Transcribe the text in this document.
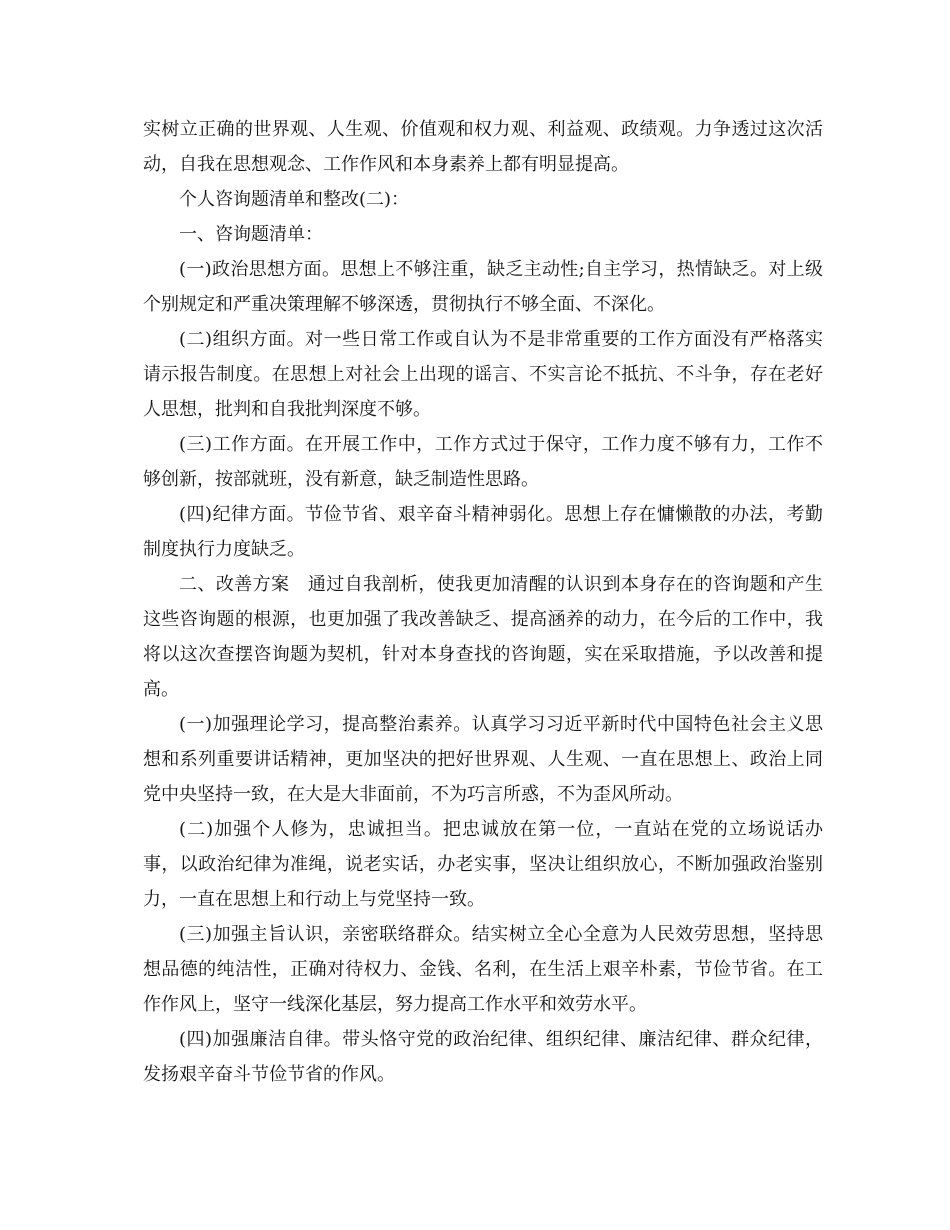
实树立正确的世界观、人生观、价值观和权力观、利益观、政绩观。力争透过这次活动，自我在思想观念、工作作风和本身素养上都有明显提高。

个人咨询题清单和整改(二)：

一、咨询题清单：

(一)政治思想方面。思想上不够注重，缺乏主动性;自主学习，热情缺乏。对上级个别规定和严重决策理解不够深透，贯彻执行不够全面、不深化。

(二)组织方面。对一些日常工作或自认为不是非常重要的工作方面没有严格落实请示报告制度。在思想上对社会上出现的谣言、不实言论不抵抗、不斗争，存在老好人思想，批判和自我批判深度不够。

(三)工作方面。在开展工作中，工作方式过于保守，工作力度不够有力，工作不够创新，按部就班，没有新意，缺乏制造性思路。

(四)纪律方面。节俭节省、艰辛奋斗精神弱化。思想上存在慵懒散的办法，考勤制度执行力度缺乏。

二、改善方案　通过自我剖析，使我更加清醒的认识到本身存在的咨询题和产生这些咨询题的根源，也更加强了我改善缺乏、提高涵养的动力，在今后的工作中，我将以这次查摆咨询题为契机，针对本身查找的咨询题，实在采取措施，予以改善和提高。

(一)加强理论学习，提高整治素养。认真学习习近平新时代中国特色社会主义思想和系列重要讲话精神，更加坚决的把好世界观、人生观、一直在思想上、政治上同党中央坚持一致，在大是大非面前，不为巧言所惑，不为歪风所动。

(二)加强个人修为，忠诚担当。把忠诚放在第一位，一直站在党的立场说话办事，以政治纪律为准绳，说老实话，办老实事，坚决让组织放心，不断加强政治鉴别力，一直在思想上和行动上与党坚持一致。

(三)加强主旨认识，亲密联络群众。结实树立全心全意为人民效劳思想，坚持思想品德的纯洁性，正确对待权力、金钱、名利，在生活上艰辛朴素，节俭节省。在工作作风上，坚守一线深化基层，努力提高工作水平和效劳水平。

(四)加强廉洁自律。带头恪守党的政治纪律、组织纪律、廉洁纪律、群众纪律，发扬艰辛奋斗节俭节省的作风。
